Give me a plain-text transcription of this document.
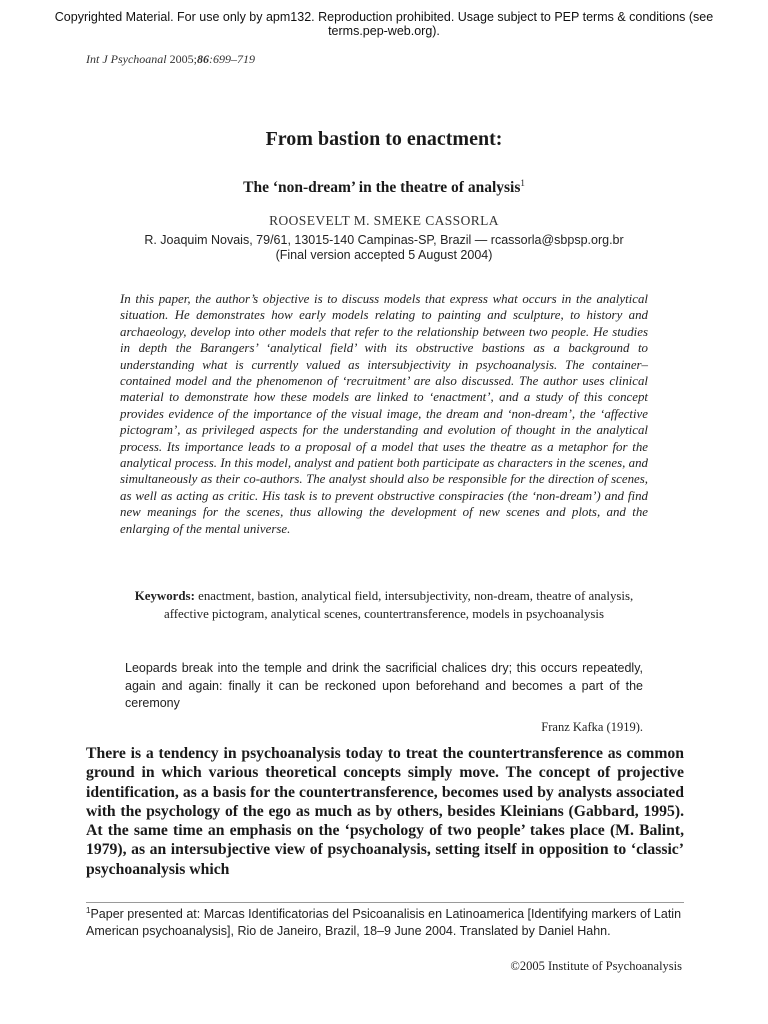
Copyrighted Material. For use only by apm132. Reproduction prohibited. Usage subject to PEP terms & conditions (see terms.pep-web.org).
Int J Psychoanal 2005;86:699–719
From bastion to enactment:
The ‘non-dream’ in the theatre of analysis$^1$
ROOSEVELT M. SMEKE CASSORLA
R. Joaquim Novais, 79/61, 13015-140 Campinas-SP, Brazil — rcassorla@sbpsp.org.br
(Final version accepted 5 August 2004)

In this paper, the author’s objective is to discuss models that express what occurs in the analytical situation. He demonstrates how early models relating to painting and sculpture, to history and archaeology, develop into other models that refer to the relationship between two people. He studies in depth the Barangers’ ‘analytical field’ with its obstructive bastions as a background to understanding what is currently valued as intersubjectivity in psychoanalysis. The container–contained model and the phenomenon of ‘recruitment’ are also discussed. The author uses clinical material to demonstrate how these models are linked to ‘enactment’, and a study of this concept provides evidence of the importance of the visual image, the dream and ‘non-dream’, the ‘affective pictogram’, as privileged aspects for the understanding and evolution of thought in the analytical process. Its importance leads to a proposal of a model that uses the theatre as a metaphor for the analytical process. In this model, analyst and patient both participate as characters in the scenes, and simultaneously as their co-authors. The analyst should also be responsible for the direction of scenes, as well as acting as critic. His task is to prevent obstructive conspiracies (the ‘non-dream’) and find new meanings for the scenes, thus allowing the development of new scenes and plots, and the enlarging of the mental universe.

Keywords: enactment, bastion, analytical field, intersubjectivity, non-dream, theatre of analysis, affective pictogram, analytical scenes, countertransference, models in psychoanalysis

Leopards break into the temple and drink the sacrificial chalices dry; this occurs repeatedly, again and again: finally it can be reckoned upon beforehand and becomes a part of the ceremony

Franz Kafka (1919).

There is a tendency in psychoanalysis today to treat the countertransference as common ground in which various theoretical concepts simply move. The concept of projective identification, as a basis for the countertransference, becomes used by analysts associated with the psychology of the ego as much as by others, besides Kleinians (Gabbard, 1995). At the same time an emphasis on the ‘psychology of two people’ takes place (M. Balint, 1979), as an intersubjective view of psychoanalysis, setting itself in opposition to ‘classic’ psychoanalysis which

$^1$Paper presented at: Marcas Identificatorias del Psicoanalisis en Latinoamerica [Identifying markers of Latin American psychoanalysis], Rio de Janeiro, Brazil, 18–9 June 2004. Translated by Daniel Hahn.

©2005 Institute of Psychoanalysis
